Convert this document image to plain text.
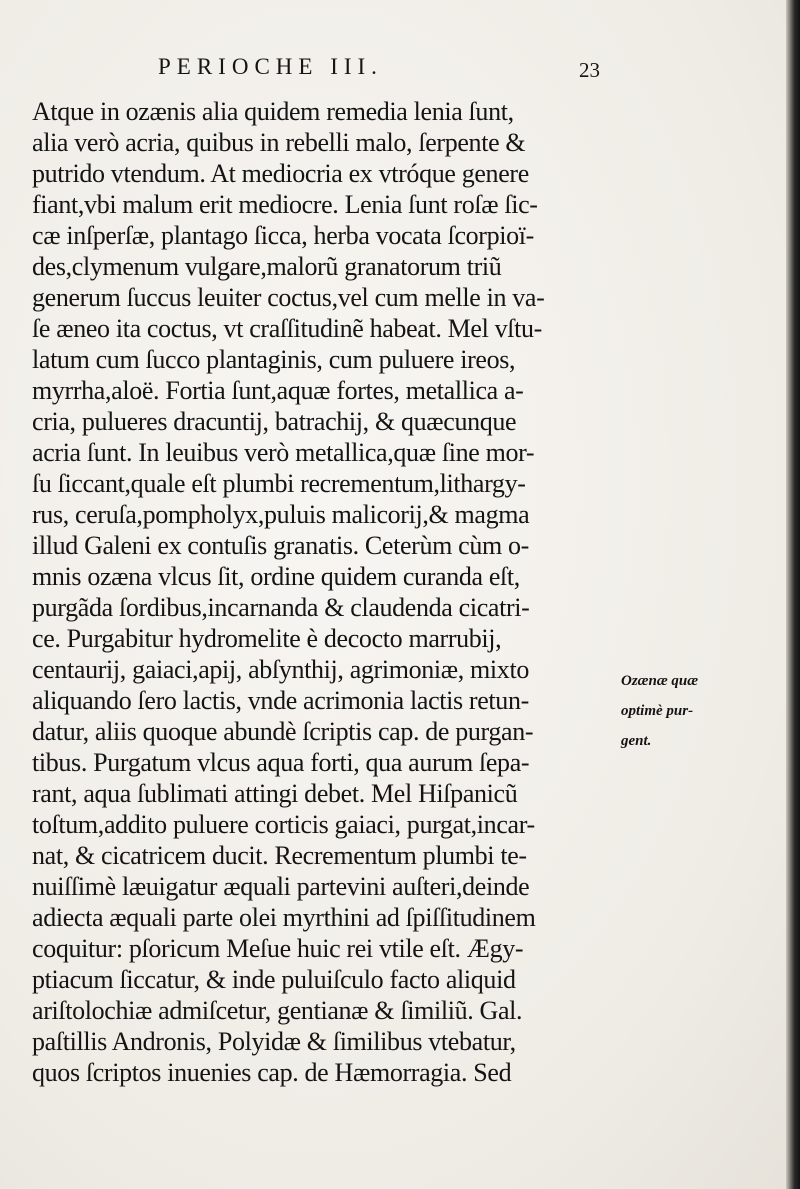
PERIOCHE III.	23
Atque in ozænis alia quidem remedia lenia ſunt,
alia verò acria, quibus in rebelli malo, ſerpente &
putrido vtendum. At mediocria ex vtróque genere
fiant,vbi malum erit mediocre. Lenia ſunt roſæ ſic-
cæ inſperſæ, plantago ſicca, herba vocata ſcorpioï-
des,clymenum vulgare,malorũ granatorum triũ
generum ſuccus leuiter coctus,vel cum melle in va-
ſe æneo ita coctus, vt craſſitudinẽ habeat. Mel vſtu-
latum cum ſucco plantaginis, cum puluere ireos,
myrrha,aloë. Fortia ſunt,aquæ fortes, metallica a-
cria, pulueres dracuntij, batrachij, & quæcunque
acria ſunt. In leuibus verò metallica,quæ ſine mor-
ſu ſiccant,quale eſt plumbi recrementum,lithargy-
rus, ceruſa,pompholyx,puluis malicorij,& magma
illud Galeni ex contuſis granatis. Ceterùm cùm o-
mnis ozæna vlcus ſit, ordine quidem curanda eſt,
purgãda ſordibus,incarnanda & claudenda cicatri-
ce. Purgabitur hydromelite è decocto marrubij,
centaurij, gaiaci,apij, abſynthij, agrimoniæ, mixto
aliquando ſero lactis, vnde acrimonia lactis retun-
datur, aliis quoque abundè ſcriptis cap. de purgan-
tibus. Purgatum vlcus aqua forti, qua aurum ſepa-
rant, aqua ſublimati attingi debet. Mel Hiſpanicũ
toſtum,addito puluere corticis gaiaci, purgat,incar-
nat, & cicatricem ducit. Recrementum plumbi te-
nuiſſimè læuigatur æquali partevini auſteri,deinde
adiecta æquali parte olei myrthini ad ſpiſſitudinem
coquitur: pſoricum Meſue huic rei vtile eſt. Ægy-
ptiacum ſiccatur, & inde puluiſculo facto aliquid
ariſtolochiæ admiſcetur, gentianæ & ſimiliũ. Gal.
paſtillis Andronis, Polyidæ & ſimilibus vtebatur,
quos ſcriptos inuenies cap. de Hæmorragia. Sed
Ozænæ quæ
optimè pur-
gent.
